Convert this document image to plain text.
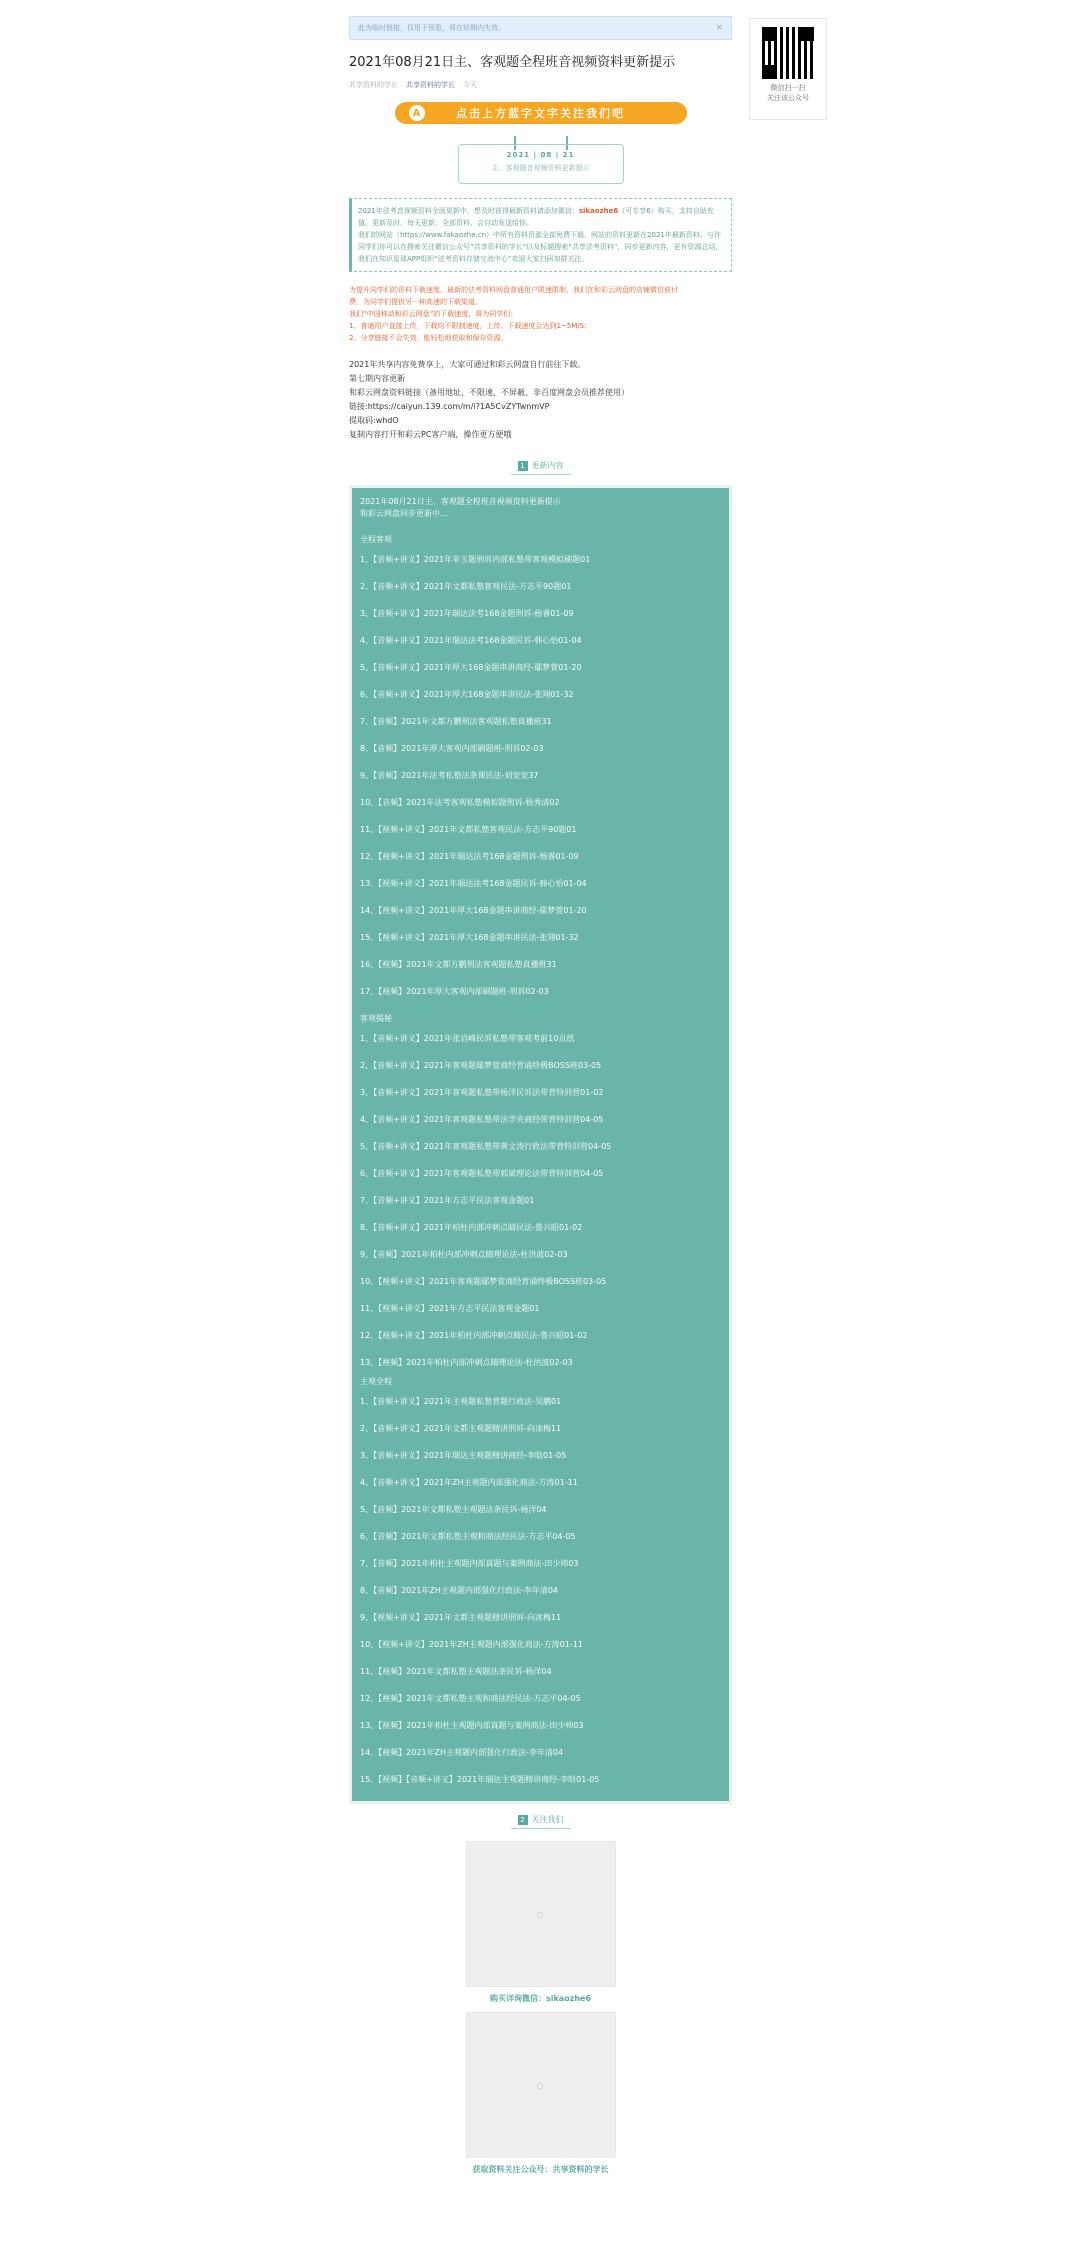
此为临时链接，仅用于预览，将在短期内失效。	×
2021年08月21日主、客观题全程班音视频资料更新提示
共享资料的学长 共享资料的学长 今天
A	点击上方蓝字文字关注我们吧
2021 | 08 | 21
主、客观题音视频资料更新提示
2021年法考音视频资料全面更新中，想及时获得最新资料请添加微信：sikaozhe6（可专享6）购买，支持自助充值，更新及时，每天更新，全部资料，会自动发送给你。
我们的网站（https://www.fakaozhe.cn）中所有资料资源全部免费下载，网站的资料更新在2021年最新资料。与许同学们你可以在搜索关注微信公众号“共享资料的学长”以及标题搜索“共享法考资料”，同步更新内容，更有资源总结，我们在知识星球APP组织“法考资料存储交流中心”欢迎大家扫码加群关注。
为提升同学们的资料下载速度，最新的法考资料网盘普通用户限速限制，我们在和彩云网盘的店铺微信前付
费，为同学们提供另一种高速的下载渠道。
我们“中国移动和彩云网盘”的下载速度，将为同学们：
1、普通用户直接上传，下载均不限制速度，上传、下载速度会达到1~5M/S；
2、分享链接不会失效，能轻松地获取和保存资源。
2021年共享内容免费享上，大家可通过和彩云网盘自行前往下载。
第七期内容更新
和彩云网盘资料链接（备用地址，不限速，不屏蔽，非百度网盘会员推荐使用）
链接:https://caiyun.139.com/m/i?1A5CvZYTwnmVP
提取码:whdO
复制内容打开和彩云PC客户端，操作更方便哦
1 更新内容
2021年08月21日主、客观题全程班音视频资料更新提示
和彩云网盘同步更新中...
全程客观
1、【音频+讲义】2021年菲玉题刑诉内部私塾带客观模拟刷题01
2、【音频+讲义】2021年文都私塾客观民法-方志平90题01
3、【音频+讲义】2021年瑞达法考168金题刑诉-杨睿01-09
4、【音频+讲义】2021年瑞达法考168金题民诉-韩心怡01-04
5、【音频+讲义】2021年厚大168金题串讲商经-鄢梦萱01-20
6、【音频+讲义】2021年厚大168金题串讲民法-张翔01-32
7、【音频】2021年文都方鹏刑法客观题私塾真播班31
8、【音频】2021年厚大客观内部刷题班-刑诉02-03
9、【音频】2021年法考私塾法条课民法-刘安安37
10、【音频】2021年法考客观私塾模拟题刑诉-杨秀清02
11、【视频+讲义】2021年文都私塾客观民法-方志平90题01
12、【视频+讲义】2021年瑞达法考168金题刑诉-杨睿01-09
13、【视频+讲义】2021年瑞达法考168金题民诉-韩心怡01-04
14、【视频+讲义】2021年厚大168金题串讲商经-鄢梦萱01-20
15、【视频+讲义】2021年厚大168金题串讲民法-张翔01-32
16、【视频】2021年文都方鹏刑法客观题私塾真播班31
17、【视频】2021年厚大客观内部刷题班-刑诉02-03
客观揭秘
1、【音频+讲义】2021年张岩峰民诉私塾带客观考前10页纸
2、【音频+讲义】2021年客观题鄢梦萱商经背诵終极BOSS班03-05
3、【音频+讲义】2021年客观题私塾带杨洋民诉法带背特训营01-02
4、【音频+讲义】2021年客观题私塾带法学夹商经带背特训营04-05
5、【音频+讲义】2021年客观题私塾带黄文涛行政法带背特训营04-05
6、【音频+讲义】2021年客观题私塾带郭斌理论法带背特训营04-05
7、【音频+讲义】2021年方志平民法客观金题01
8、【音频+讲义】2021年柏杜内部冲刺点睛民法-鲁兴昭01-02
9、【音频】2021年柏杜内部冲刺点睛理论法-杜洪波02-03
10、【视频+讲义】2021年客观题鄢梦萱商经背诵终极BOSS班03-05
11、【视频+讲义】2021年方志平民法客观金题01
12、【视频+讲义】2021年柏杜内部冲刺点睛民法-鲁兴昭01-02
13、【视频】2021年柏杜内部冲刺点睛理论法-杜洪波02-03
主观全程
1、【音频+讲义】2021年主观题私塾背题行政法-吴鹏01
2、【音频+讲义】2021年文都主观题精讲刑诉-向冰梅11
3、【音频+讲义】2021年瑞达主观题精讲商经-李晗01-05
4、【音频+讲义】2021年ZH主观题内部强化商法-方涛01-11
5、【音频】2021年文都私塾主观题法条民诉-杨洋04
6、【音频】2021年文都私塾主观和商法经民法-方志平04-05
7、【音频】2021年柏杜主观题内部真题与案例商法-田少帅03
8、【音频】2021年ZH主观题内部强化行政法-李年清04
9、【视频+讲义】2021年文都主观题精讲刑诉-向冰梅11
10、【视频+讲义】2021年ZH主观题内部强化商法-方涛01-11
11、【视频】2021年文都私塾主观题法条民诉-杨洋04
12、【视频】2021年文都私塾主观和商法经民法-方志平04-05
13、【视频】2021年柏杜主观题内部真题与案例商法-田少帅03
14、【视频】2021年ZH主观题内部强化行政法-李年清04
15、【视频】【音频+讲义】2021年瑞达主观题精讲商经-李晗01-05
2 关注我们
◌
购买详询微信：sikaozhe6
◌
获取资料关注公众号：共享资料的学长
微信扫一扫
关注该公众号
